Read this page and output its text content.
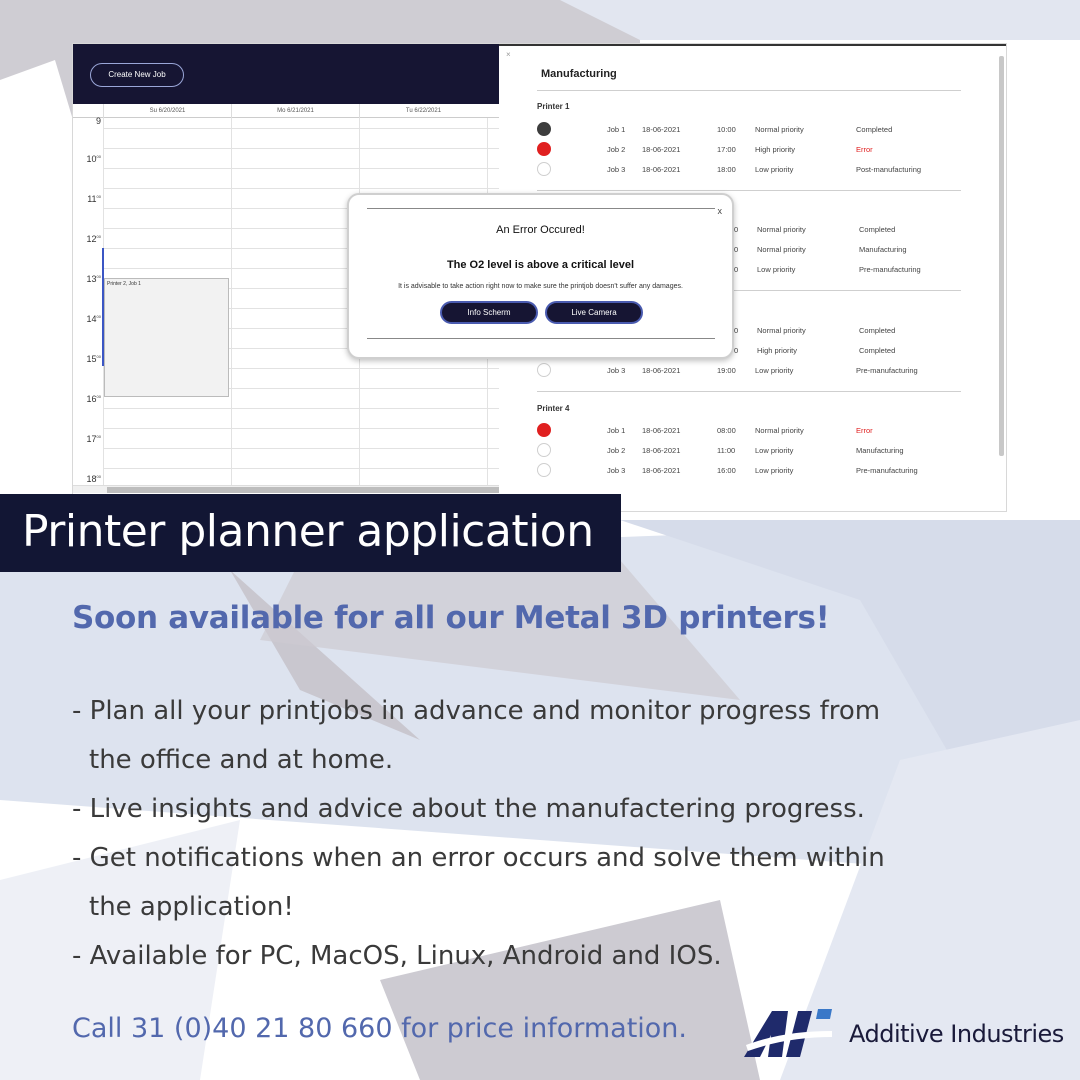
Create New Job
Su 6/20/2021	Mo 6/21/2021	Tu 6/22/2021
9
$10^{00}$
$11^{00}$
$12^{00}$
$13^{00}$
$14^{00}$
$15^{00}$
$16^{00}$
$17^{00}$
$18^{00}$
Printer 2, Job 1
×
Manufacturing
Printer 1
Job 1 18-06-2021	10:00	Normal priority	Completed
Job 2 18-06-2021	17:00	High priority	Error
Job 3 18-06-2021	18:00	Low priority	Post-manufacturing
0	Normal priority	Completed
0	Normal priority	Manufacturing
0	Low priority	Pre-manufacturing
0	Normal priority	Completed
0	High priority	Completed
Job 3 18-06-2021	19:00	Low priority	Pre-manufacturing
Printer 4
Job 1 18-06-2021	08:00	Normal priority	Error
Job 2 18-06-2021	11:00	Low priority	Manufacturing
Job 3 18-06-2021	16:00	Low priority	Pre-manufacturing
x
An Error Occured!
The O2 level is above a critical level
It is advisable to take action right now to make sure the printjob doesn't suffer any damages.
Info Scherm	Live Camera
Printer planner application
Soon available for all our Metal 3D printers!
- Plan all your printjobs in advance and monitor progress from
the office and at home.
- Live insights and advice about the manufactering progress.
- Get notifications when an error occurs and solve them within
the application!
- Available for PC, MacOS, Linux, Android and IOS.
Call 31 (0)40 21 80 660 for price information.	Additive Industries
